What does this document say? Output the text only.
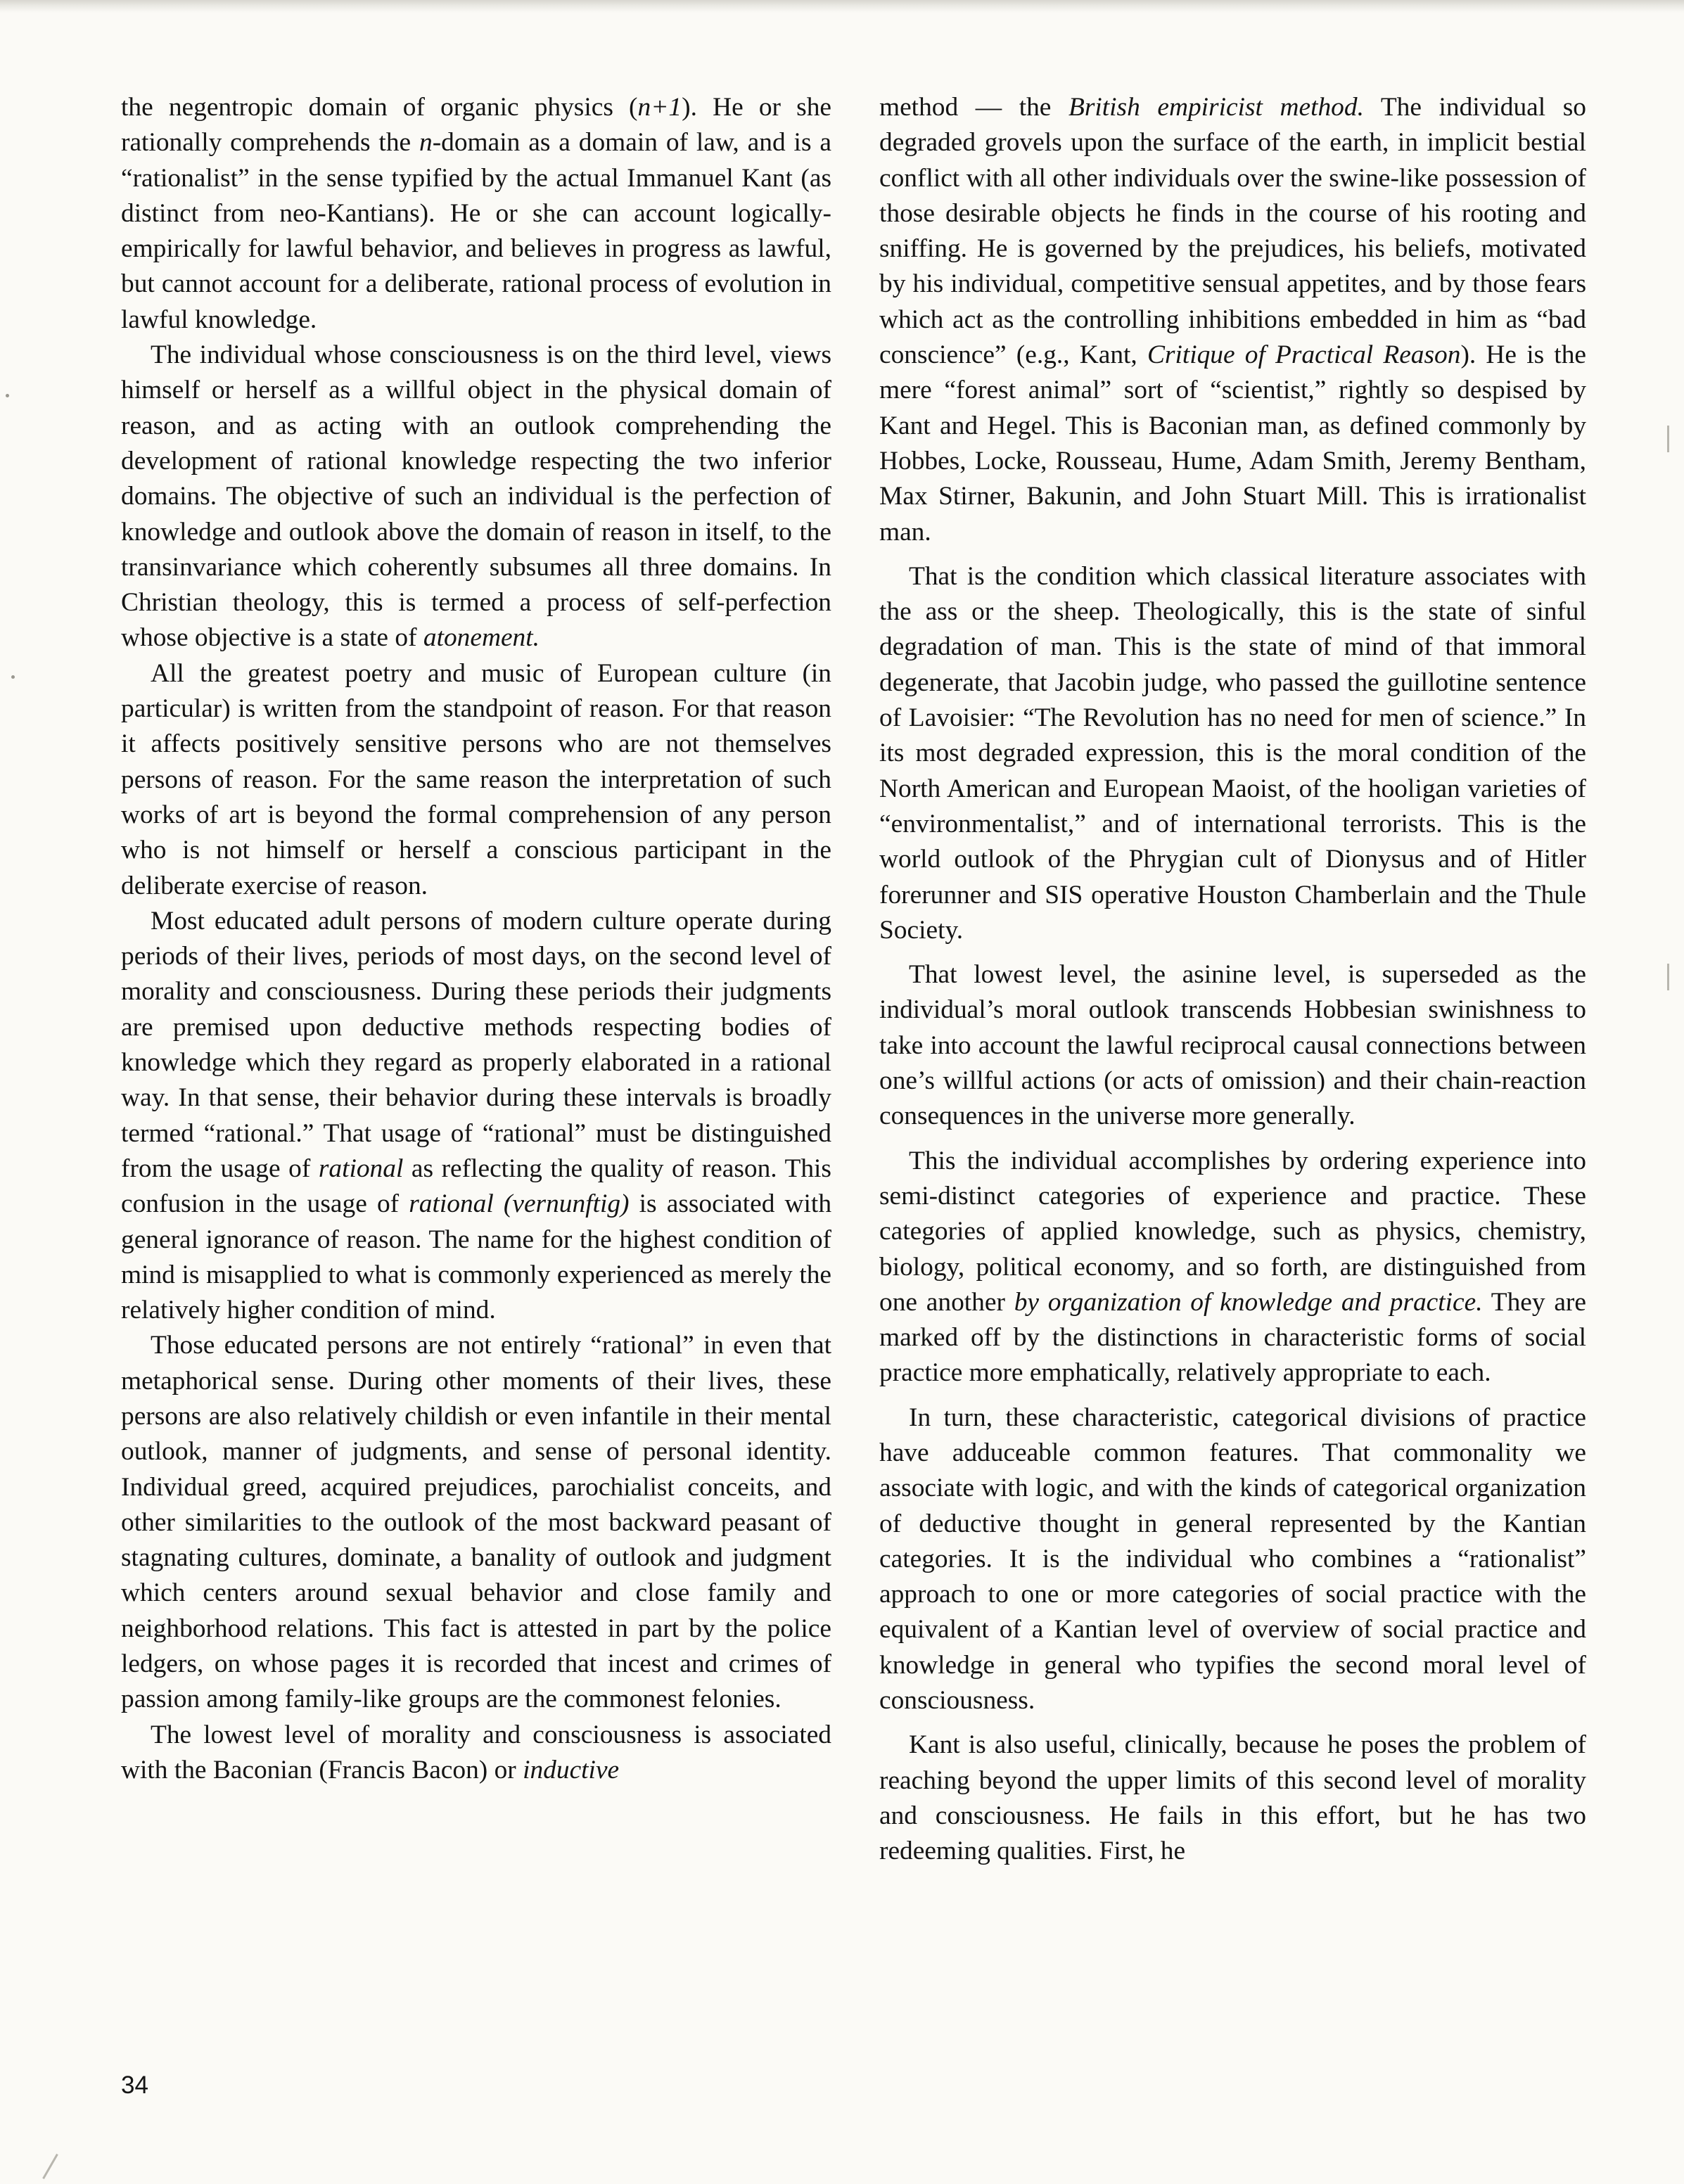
the negentropic domain of organic physics (n+1). He or she rationally comprehends the n-domain as a domain of law, and is a “rationalist” in the sense typified by the actual Immanuel Kant (as distinct from neo-Kantians). He or she can account logically-empirically for lawful behavior, and believes in progress as lawful, but cannot account for a deliberate, rational process of evolution in lawful knowledge.

The individual whose consciousness is on the third level, views himself or herself as a willful object in the physical domain of reason, and as acting with an outlook comprehending the development of rational knowledge respecting the two inferior domains. The objective of such an individual is the perfection of knowledge and outlook above the domain of reason in itself, to the transinvariance which coherently subsumes all three domains. In Christian theology, this is termed a process of self-perfection whose objective is a state of atonement.

All the greatest poetry and music of European culture (in particular) is written from the standpoint of reason. For that reason it affects positively sensitive persons who are not themselves persons of reason. For the same reason the interpretation of such works of art is beyond the formal comprehension of any person who is not himself or herself a conscious participant in the deliberate exercise of reason.

Most educated adult persons of modern culture operate during periods of their lives, periods of most days, on the second level of morality and consciousness. During these periods their judgments are premised upon deductive methods respecting bodies of knowledge which they regard as properly elaborated in a rational way. In that sense, their behavior during these intervals is broadly termed “rational.” That usage of “rational” must be distinguished from the usage of rational as reflecting the quality of reason. This confusion in the usage of rational (vernunftig) is associated with general ignorance of reason. The name for the highest condition of mind is misapplied to what is commonly experienced as merely the relatively higher condition of mind.

Those educated persons are not entirely “rational” in even that metaphorical sense. During other moments of their lives, these persons are also relatively childish or even infantile in their mental outlook, manner of judgments, and sense of personal identity. Individual greed, acquired prejudices, parochialist conceits, and other similarities to the outlook of the most backward peasant of stagnating cultures, dominate, a banality of outlook and judgment which centers around sexual behavior and close family and neighborhood relations. This fact is attested in part by the police ledgers, on whose pages it is recorded that incest and crimes of passion among family-like groups are the commonest felonies.

The lowest level of morality and consciousness is associated with the Baconian (Francis Bacon) or inductive

method — the British empiricist method. The individual so degraded grovels upon the surface of the earth, in implicit bestial conflict with all other individuals over the swine-like possession of those desirable objects he finds in the course of his rooting and sniffing. He is governed by the prejudices, his beliefs, motivated by his individual, competitive sensual appetites, and by those fears which act as the controlling inhibitions embedded in him as “bad conscience” (e.g., Kant, Critique of Practical Reason). He is the mere “forest animal” sort of “scientist,” rightly so despised by Kant and Hegel. This is Baconian man, as defined commonly by Hobbes, Locke, Rousseau, Hume, Adam Smith, Jeremy Bentham, Max Stirner, Bakunin, and John Stuart Mill. This is irrationalist man.

That is the condition which classical literature associates with the ass or the sheep. Theologically, this is the state of sinful degradation of man. This is the state of mind of that immoral degenerate, that Jacobin judge, who passed the guillotine sentence of Lavoisier: “The Revolution has no need for men of science.” In its most degraded expression, this is the moral condition of the North American and European Maoist, of the hooligan varieties of “environmentalist,” and of international terrorists. This is the world outlook of the Phrygian cult of Dionysus and of Hitler forerunner and SIS operative Houston Chamberlain and the Thule Society.

That lowest level, the asinine level, is superseded as the individual’s moral outlook transcends Hobbesian swinishness to take into account the lawful reciprocal causal connections between one’s willful actions (or acts of omission) and their chain-reaction consequences in the universe more generally.

This the individual accomplishes by ordering experience into semi-distinct categories of experience and practice. These categories of applied knowledge, such as physics, chemistry, biology, political economy, and so forth, are distinguished from one another by organization of knowledge and practice. They are marked off by the distinctions in characteristic forms of social practice more emphatically, relatively appropriate to each.

In turn, these characteristic, categorical divisions of practice have adduceable common features. That commonality we associate with logic, and with the kinds of categorical organization of deductive thought in general represented by the Kantian categories. It is the individual who combines a “rationalist” approach to one or more categories of social practice with the equivalent of a Kantian level of overview of social practice and knowledge in general who typifies the second moral level of consciousness.

Kant is also useful, clinically, because he poses the problem of reaching beyond the upper limits of this second level of morality and consciousness. He fails in this effort, but he has two redeeming qualities. First, he

34
